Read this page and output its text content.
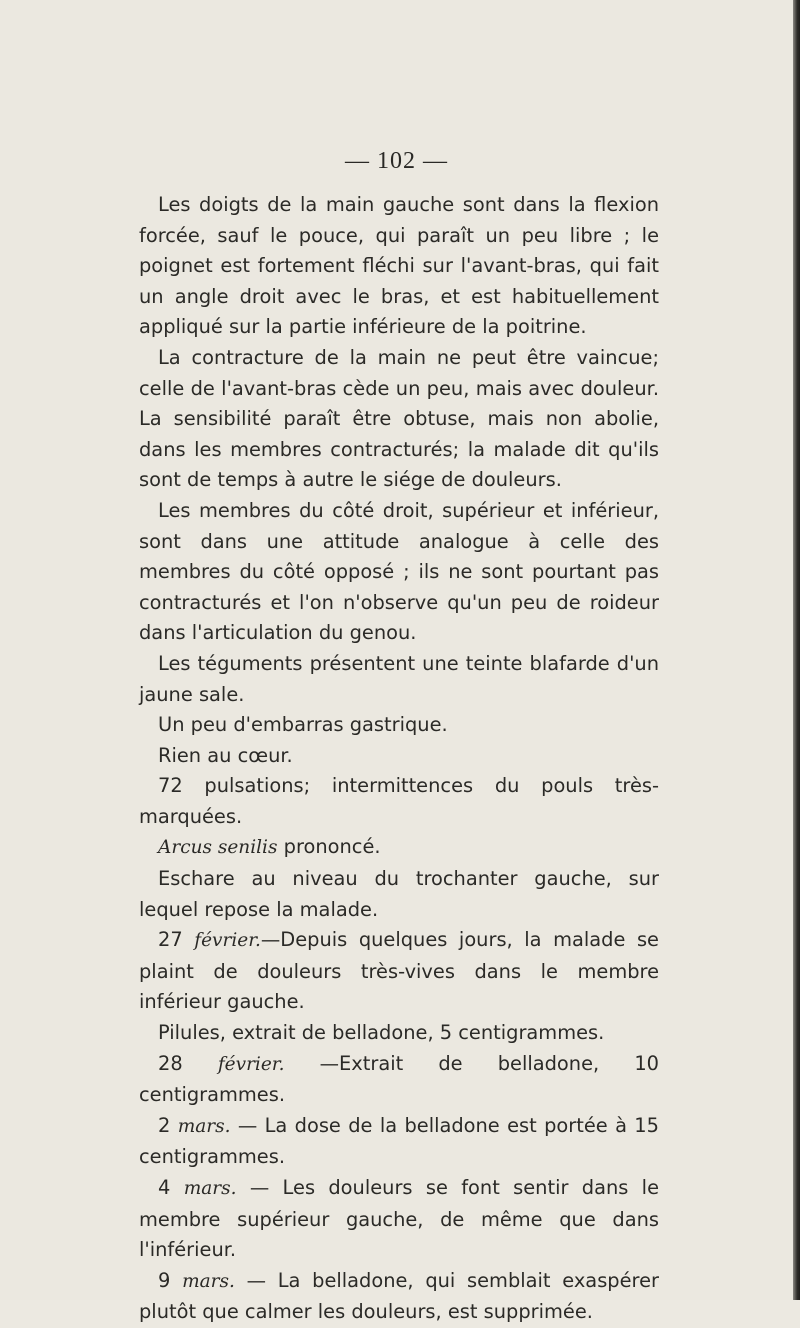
— 102 —

Les doigts de la main gauche sont dans la flexion forcée, sauf le pouce, qui paraît un peu libre ; le poignet est fortement fléchi sur l'avant-bras, qui fait un angle droit avec le bras, et est habituellement appliqué sur la partie inférieure de la poitrine.

La contracture de la main ne peut être vaincue; celle de l'avant-bras cède un peu, mais avec douleur. La sensibilité paraît être obtuse, mais non abolie, dans les membres contracturés; la malade dit qu'ils sont de temps à autre le siége de douleurs.

Les membres du côté droit, supérieur et inférieur, sont dans une attitude analogue à celle des membres du côté opposé ; ils ne sont pourtant pas contracturés et l'on n'observe qu'un peu de roideur dans l'articulation du genou.

Les téguments présentent une teinte blafarde d'un jaune sale.

Un peu d'embarras gastrique.

Rien au cœur.

72 pulsations; intermittences du pouls très-marquées.

Arcus senilis prononcé.

Eschare au niveau du trochanter gauche, sur lequel repose la malade.

27 février.—Depuis quelques jours, la malade se plaint de douleurs très-vives dans le membre inférieur gauche.

Pilules, extrait de belladone, 5 centigrammes.

28 février. —Extrait de belladone, 10 centigrammes.

2 mars. — La dose de la belladone est portée à 15 centigrammes.

4 mars. — Les douleurs se font sentir dans le membre supérieur gauche, de même que dans l'inférieur.

9 mars. — La belladone, qui semblait exaspérer plutôt que calmer les douleurs, est supprimée.
